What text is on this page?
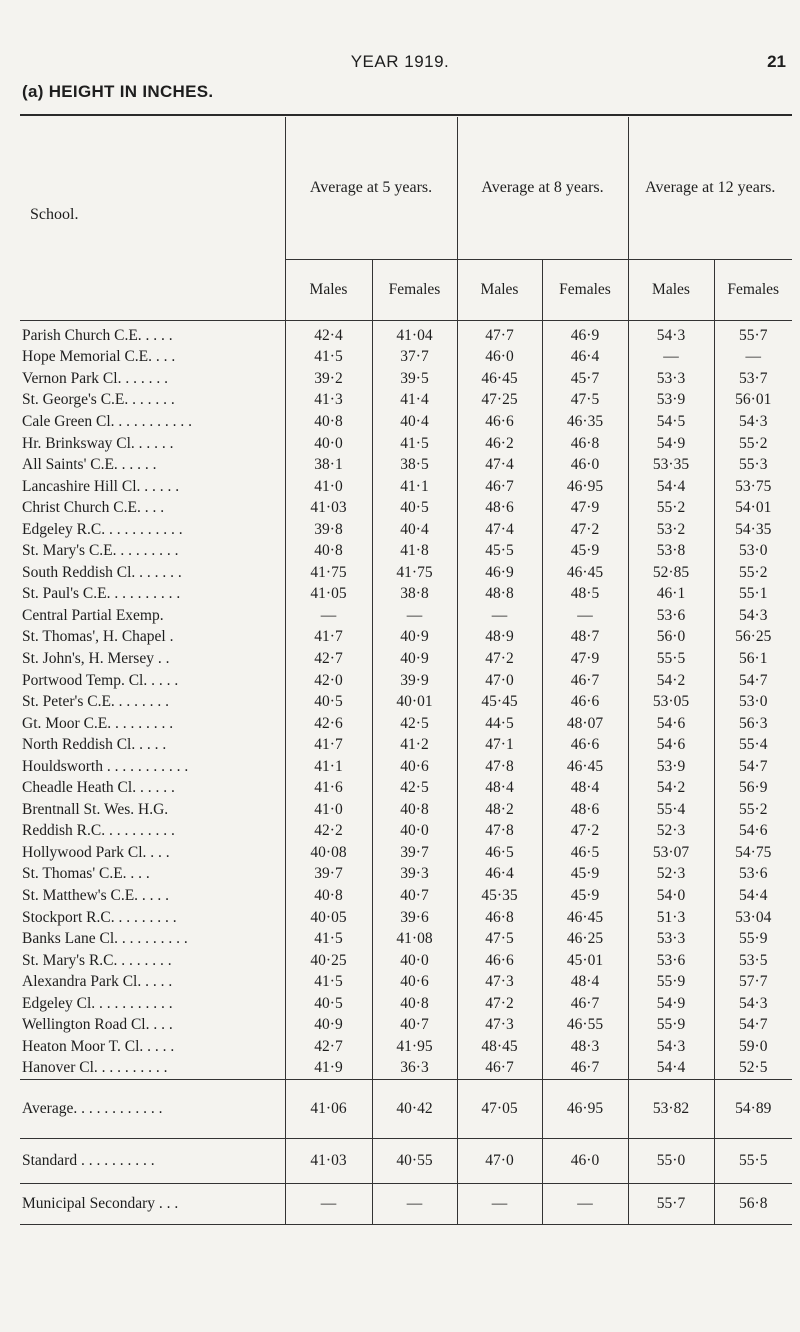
YEAR 1919.	21
(a) HEIGHT IN INCHES.
School.	Average at 5 years.		Average at 8 years.		Average at 12 years.	
	Males	Females	Males	Females	Males	Females
Parish Church C.E. . . . .	42·4	41·04	47·7	46·9	54·3	55·7
Hope Memorial C.E. . . .	41·5	37·7	46·0	46·4	—	—
Vernon Park Cl. . . . . . .	39·2	39·5	46·45	45·7	53·3	53·7
St. George's C.E. . . . . . .	41·3	41·4	47·25	47·5	53·9	56·01
Cale Green Cl. . . . . . . . . . .	40·8	40·4	46·6	46·35	54·5	54·3
Hr. Brinksway Cl. . . . . .	40·0	41·5	46·2	46·8	54·9	55·2
All Saints' C.E. . . . . .	38·1	38·5	47·4	46·0	53·35	55·3
Lancashire Hill Cl. . . . . .	41·0	41·1	46·7	46·95	54·4	53·75
Christ Church C.E. . . .	41·03	40·5	48·6	47·9	55·2	54·01
Edgeley R.C. . . . . . . . . . .	39·8	40·4	47·4	47·2	53·2	54·35
St. Mary's C.E. . . . . . . . .	40·8	41·8	45·5	45·9	53·8	53·0
South Reddish Cl. . . . . . .	41·75	41·75	46·9	46·45	52·85	55·2
St. Paul's C.E. . . . . . . . . .	41·05	38·8	48·8	48·5	46·1	55·1
Central Partial Exemp.	—	—	—	—	53·6	54·3
St. Thomas', H. Chapel .	41·7	40·9	48·9	48·7	56·0	56·25
St. John's, H. Mersey . .	42·7	40·9	47·2	47·9	55·5	56·1
Portwood Temp. Cl. . . . .	42·0	39·9	47·0	46·7	54·2	54·7
St. Peter's C.E. . . . . . . .	40·5	40·01	45·45	46·6	53·05	53·0
Gt. Moor C.E. . . . . . . . .	42·6	42·5	44·5	48·07	54·6	56·3
North Reddish Cl. . . . .	41·7	41·2	47·1	46·6	54·6	55·4
Houldsworth . . . . . . . . . . .	41·1	40·6	47·8	46·45	53·9	54·7
Cheadle Heath Cl. . . . . .	41·6	42·5	48·4	48·4	54·2	56·9
Brentnall St. Wes. H.G.	41·0	40·8	48·2	48·6	55·4	55·2
Reddish R.C. . . . . . . . . .	42·2	40·0	47·8	47·2	52·3	54·6
Hollywood Park Cl. . . .	40·08	39·7	46·5	46·5	53·07	54·75
St. Thomas' C.E. . . .	39·7	39·3	46·4	45·9	52·3	53·6
St. Matthew's C.E. . . . .	40·8	40·7	45·35	45·9	54·0	54·4
Stockport R.C. . . . . . . . .	40·05	39·6	46·8	46·45	51·3	53·04
Banks Lane Cl. . . . . . . . . .	41·5	41·08	47·5	46·25	53·3	55·9
St. Mary's R.C. . . . . . . .	40·25	40·0	46·6	45·01	53·6	53·5
Alexandra Park Cl. . . . .	41·5	40·6	47·3	48·4	55·9	57·7
Edgeley Cl. . . . . . . . . . .	40·5	40·8	47·2	46·7	54·9	54·3
Wellington Road Cl. . . .	40·9	40·7	47·3	46·55	55·9	54·7
Heaton Moor T. Cl. . . . .	42·7	41·95	48·45	48·3	54·3	59·0
Hanover Cl. . . . . . . . . .	41·9	36·3	46·7	46·7	54·4	52·5
Average. . . . . . . . . . . .	41·06	40·42	47·05	46·95	53·82	54·89
Standard . . . . . . . . . .	41·03	40·55	47·0	46·0	55·0	55·5
Municipal Secondary . . .	—	—	—	—	55·7	56·8
